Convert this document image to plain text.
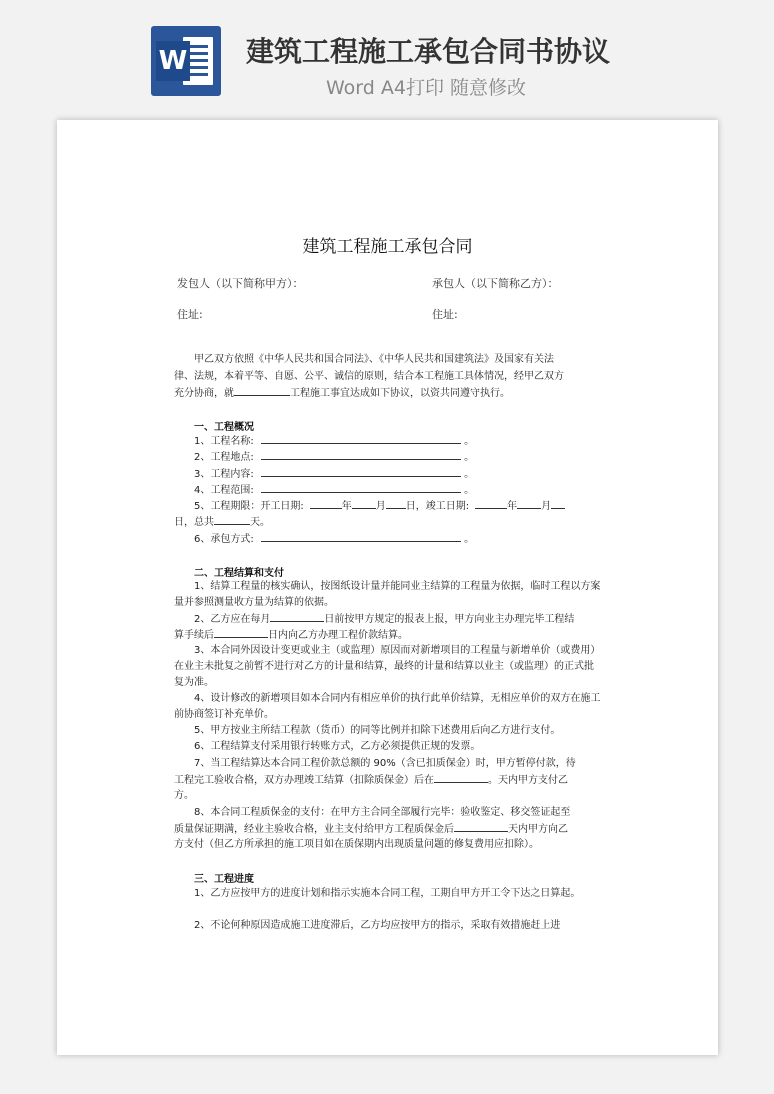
W 建筑工程施工承包合同书协议
Word A4打印 随意修改
建筑工程施工承包合同
发包人（以下简称甲方）：	承包人（以下简称乙方）：
住址:	住址:
甲乙双方依照《中华人民共和国合同法》、《中华人民共和国建筑法》及国家有关法
律、法规，本着平等、自愿、公平、诚信的原则，结合本工程施工具体情况，经甲乙双方
充分协商，就	工程施工事宜达成如下协议，以资共同遵守执行。
一、工程概况
1、工程名称:	。
2、工程地点:	。
3、工程内容:	。
4、工程范围:	。
5、工程期限：开工日期:	年 月 日，竣工日期:	年 月
日，总共	天。
6、承包方式:	。
二、工程结算和支付
1、结算工程量的核实确认，按图纸设计量并能同业主结算的工程量为依据，临时工程以方案量并参照测量收方量为结算的依据。
2、乙方应在每月	日前按甲方规定的报表上报，甲方向业主办理完毕工程结
算手续后	日内向乙方办理工程价款结算。
3、本合同外因设计变更或业主（或监理）原因而对新增项目的工程量与新增单价（或费用）在业主未批复之前暂不进行对乙方的计量和结算，最终的计量和结算以业主（或监理）的正式批复为准。
4、设计修改的新增项目如本合同内有相应单价的执行此单价结算，无相应单价的双方在施工前协商签订补充单价。
5、甲方按业主所结工程款（货币）的同等比例并扣除下述费用后向乙方进行支付。
6、工程结算支付采用银行转账方式，乙方必须提供正规的发票。
7、当工程结算达本合同工程价款总额的 90%（含已扣质保金）时，甲方暂停付款，待
工程完工验收合格，双方办理竣工结算（扣除质保金）后在	。天内甲方支付乙
方。
8、本合同工程质保金的支付：在甲方主合同全部履行完毕：验收鉴定、移交签证起至
质量保证期满，经业主验收合格，业主支付给甲方工程质保金后	天内甲方向乙
方支付（但乙方所承担的施工项目如在质保期内出现质量问题的修复费用应扣除）。
三、工程进度
1、乙方应按甲方的进度计划和指示实施本合同工程，工期自甲方开工令下达之日算起。
2、不论何种原因造成施工进度滞后，乙方均应按甲方的指示，采取有效措施赶上进
